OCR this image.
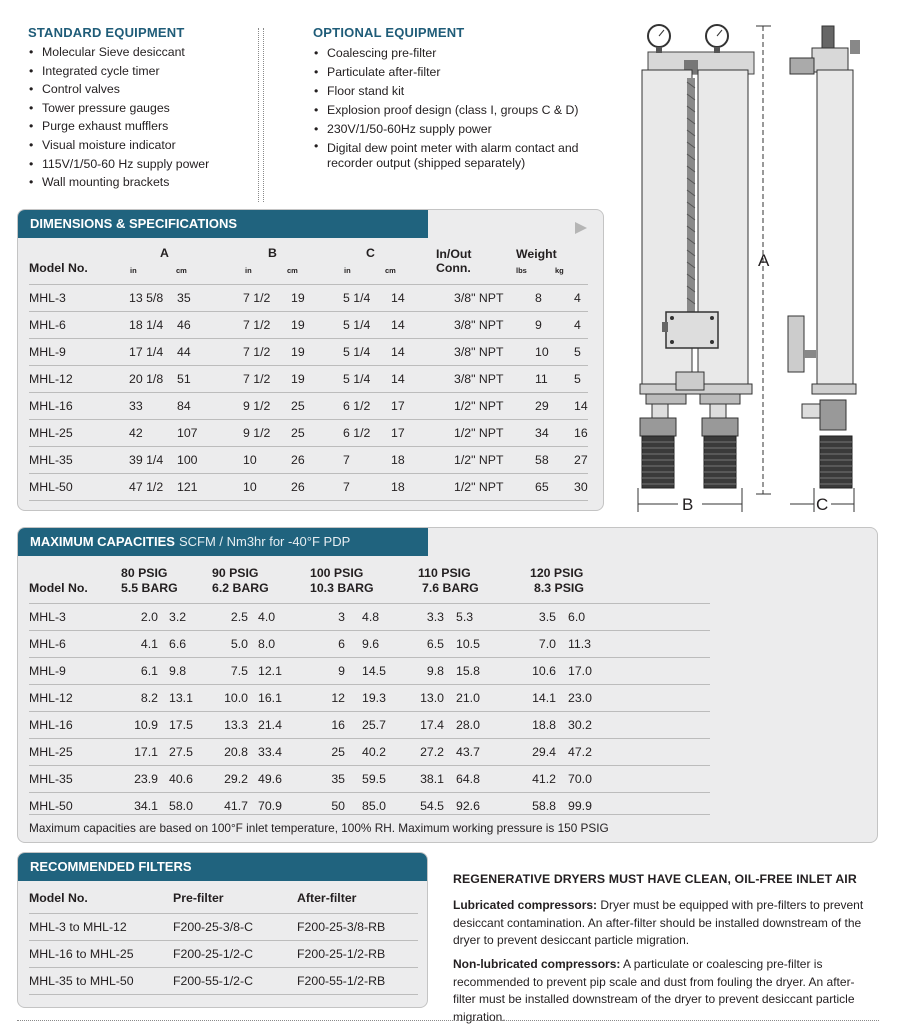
STANDARD EQUIPMENT
• Molecular Sieve desiccant
• Integrated cycle timer
• Control valves
• Tower pressure gauges
• Purge exhaust mufflers
• Visual moisture indicator
• 115V/1/50-60 Hz supply power
• Wall mounting brackets
OPTIONAL EQUIPMENT
• Coalescing pre-filter
• Particulate after-filter
• Floor stand kit
• Explosion proof design (class I, groups C & D)
• 230V/1/50-60Hz supply power
• Digital dew point meter with alarm contact and recorder output (shipped separately)
A
B	C
DIMENSIONS & SPECIFICATIONS
Model No.
A	B	C
in	cm	in	cm	in	cm
In/Out
Conn.
Weight
lbs	kg
MHL-3	13 5/8	35	7 1/2	19	5 1/4	14	3/8" NPT	8	4
MHL-6	18 1/4	46	7 1/2	19	5 1/4	14	3/8" NPT	9	4
MHL-9	17 1/4	44	7 1/2	19	5 1/4	14	3/8" NPT	10	5
MHL-12	20 1/8	51	7 1/2	19	5 1/4	14	3/8" NPT	11	5
MHL-16	33	84	9 1/2	25	6 1/2	17	1/2" NPT	29	14
MHL-25	42	107	9 1/2	25	6 1/2	17	1/2" NPT	34	16
MHL-35	39 1/4	100	10	26	7	18	1/2" NPT	58	27
MHL-50	47 1/2	121	10	26	7	18	1/2" NPT	65	30
MAXIMUM CAPACITIES SCFM / Nm3hr for -40°F PDP
Model No.
80 PSIG
5.5 BARG
90 PSIG
6.2 BARG
100 PSIG
10.3 BARG
110 PSIG
7.6 BARG
120 PSIG
8.3 PSIG
MHL-3	2.0	3.2	2.5	4.0	3	4.8	3.3	5.3	3.5	6.0
MHL-6	4.1	6.6	5.0	8.0	6	9.6	6.5	10.5	7.0	11.3
MHL-9	6.1	9.8	7.5	12.1	9	14.5	9.8	15.8	10.6	17.0
MHL-12	8.2	13.1	10.0	16.1	12	19.3	13.0	21.0	14.1	23.0
MHL-16	10.9	17.5	13.3	21.4	16	25.7	17.4	28.0	18.8	30.2
MHL-25	17.1	27.5	20.8	33.4	25	40.2	27.2	43.7	29.4	47.2
MHL-35	23.9	40.6	29.2	49.6	35	59.5	38.1	64.8	41.2	70.0
MHL-50	34.1	58.0	41.7	70.9	50	85.0	54.5	92.6	58.8	99.9
Maximum capacities are based on 100°F inlet temperature, 100% RH. Maximum working pressure is 150 PSIG
RECOMMENDED FILTERS
Model No.	Pre-filter	After-filter
MHL-3 to MHL-12	F200-25-3/8-C	F200-25-3/8-RB
MHL-16 to MHL-25	F200-25-1/2-C	F200-25-1/2-RB
MHL-35 to MHL-50	F200-55-1/2-C	F200-55-1/2-RB
REGENERATIVE DRYERS MUST HAVE CLEAN, OIL-FREE INLET AIR
Lubricated compressors: Dryer must be equipped with pre-filters to prevent desiccant contamination. An after-filter should be installed downstream of the dryer to prevent desiccant particle migration.
Non-lubricated compressors: A particulate or coalescing pre-filter is recommended to prevent pip scale and dust from fouling the dryer. An after-filter must be installed downstream of the dryer to prevent desiccant particle migration.
